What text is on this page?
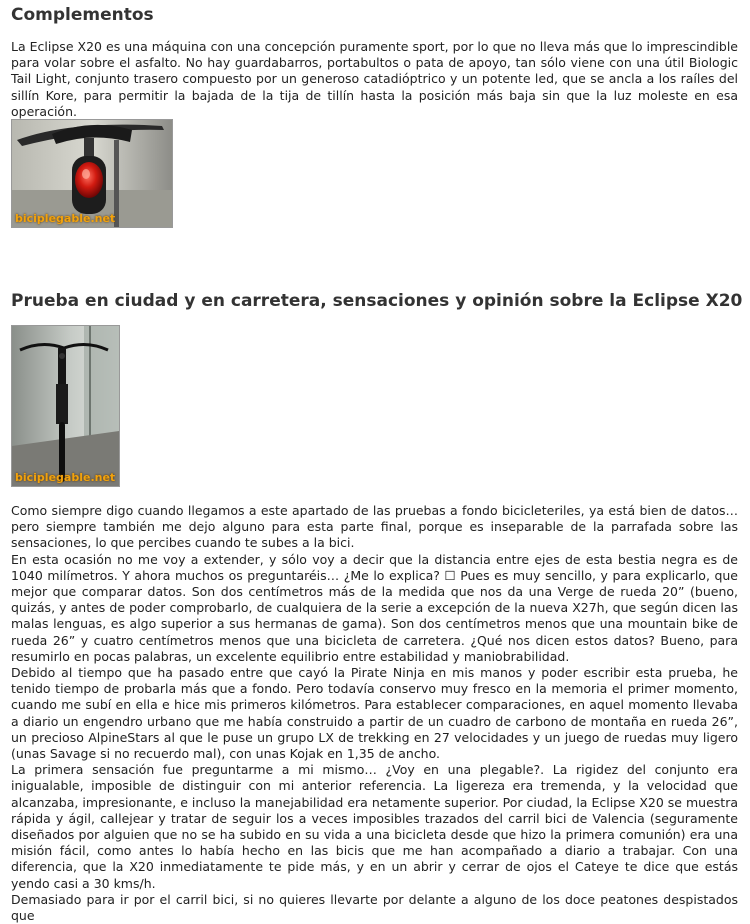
Complementos

La Eclipse X20 es una máquina con una concepción puramente sport, por lo que no lleva más que lo imprescindible para volar sobre el asfalto. No hay guardabarros, portabultos o pata de apoyo, tan sólo viene con una útil Biologic Tail Light, conjunto trasero compuesto por un generoso catadióptrico y un potente led, que se ancla a los raíles del sillín Kore, para permitir la bajada de la tija de tillín hasta la posición más baja sin que la luz moleste en esa operación.

biciplegable.net
Prueba en ciudad y en carretera, sensaciones y opinión sobre la Eclipse X20
biciplegable.net

Como siempre digo cuando llegamos a este apartado de las pruebas a fondo bicicleteriles, ya está bien de datos… pero siempre también me dejo alguno para esta parte final, porque es inseparable de la parrafada sobre las sensaciones, lo que percibes cuando te subes a la bici.
En esta ocasión no me voy a extender, y sólo voy a decir que la distancia entre ejes de esta bestia negra es de 1040 milímetros. Y ahora muchos os preguntaréis… ¿Me lo explica? ☐ Pues es muy sencillo, y para explicarlo, que mejor que comparar datos. Son dos centímetros más de la medida que nos da una Verge de rueda 20” (bueno, quizás, y antes de poder comprobarlo, de cualquiera de la serie a excepción de la nueva X27h, que según dicen las malas lenguas, es algo superior a sus hermanas de gama). Son dos centímetros menos que una mountain bike de rueda 26” y cuatro centímetros menos que una bicicleta de carretera. ¿Qué nos dicen estos datos? Bueno, para resumirlo en pocas palabras, un excelente equilibrio entre estabilidad y maniobrabilidad.
Debido al tiempo que ha pasado entre que cayó la Pirate Ninja en mis manos y poder escribir esta prueba, he tenido tiempo de probarla más que a fondo. Pero todavía conservo muy fresco en la memoria el primer momento, cuando me subí en ella e hice mis primeros kilómetros. Para establecer comparaciones, en aquel momento llevaba a diario un engendro urbano que me había construido a partir de un cuadro de carbono de montaña en rueda 26”, un precioso AlpineStars al que le puse un grupo LX de trekking en 27 velocidades y un juego de ruedas muy ligero (unas Savage si no recuerdo mal), con unas Kojak en 1,35 de ancho.
La primera sensación fue preguntarme a mi mismo… ¿Voy en una plegable?. La rigidez del conjunto era inigualable, imposible de distinguir con mi anterior referencia. La ligereza era tremenda, y la velocidad que alcanzaba, impresionante, e incluso la manejabilidad era netamente superior. Por ciudad, la Eclipse X20 se muestra rápida y ágil, callejear y tratar de seguir los a veces imposibles trazados del carril bici de Valencia (seguramente diseñados por alguien que no se ha subido en su vida a una bicicleta desde que hizo la primera comunión) era una misión fácil, como antes lo había hecho en las bicis que me han acompañado a diario a trabajar. Con una diferencia, que la X20 inmediatamente te pide más, y en un abrir y cerrar de ojos el Cateye te dice que estás yendo casi a 30 kms/h.
Demasiado para ir por el carril bici, si no quieres llevarte por delante a alguno de los doce peatones despistados que
